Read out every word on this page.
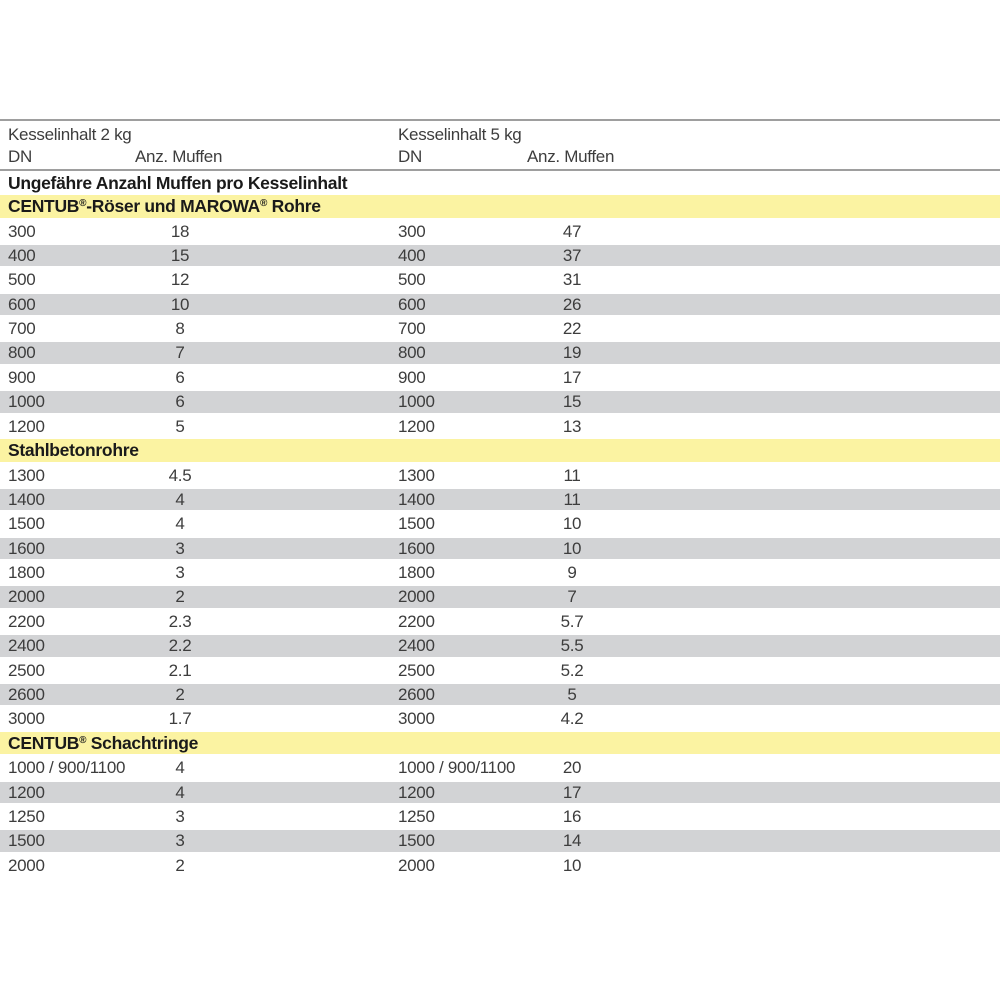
Kesselinhalt 2 kg	Kesselinhalt 5 kg
DN	Anz. Muffen	DN	Anz. Muffen
Ungefähre Anzahl Muffen pro Kesselinhalt
CENTUB®-Röser und MAROWA® Rohre
300	18	300	47
400	15	400	37
500	12	500	31
600	10	600	26
700	8	700	22
800	7	800	19
900	6	900	17
1000	6	1000	15
1200	5	1200	13
Stahlbetonrohre
1300	4.5	1300	11
1400	4	1400	11
1500	4	1500	10
1600	3	1600	10
1800	3	1800	9
2000	2	2000	7
2200	2.3	2200	5.7
2400	2.2	2400	5.5
2500	2.1	2500	5.2
2600	2	2600	5
3000	1.7	3000	4.2
CENTUB® Schachtringe
1000 / 900/1100	4	1000 / 900/1100	20
1200	4	1200	17
1250	3	1250	16
1500	3	1500	14
2000	2	2000	10
